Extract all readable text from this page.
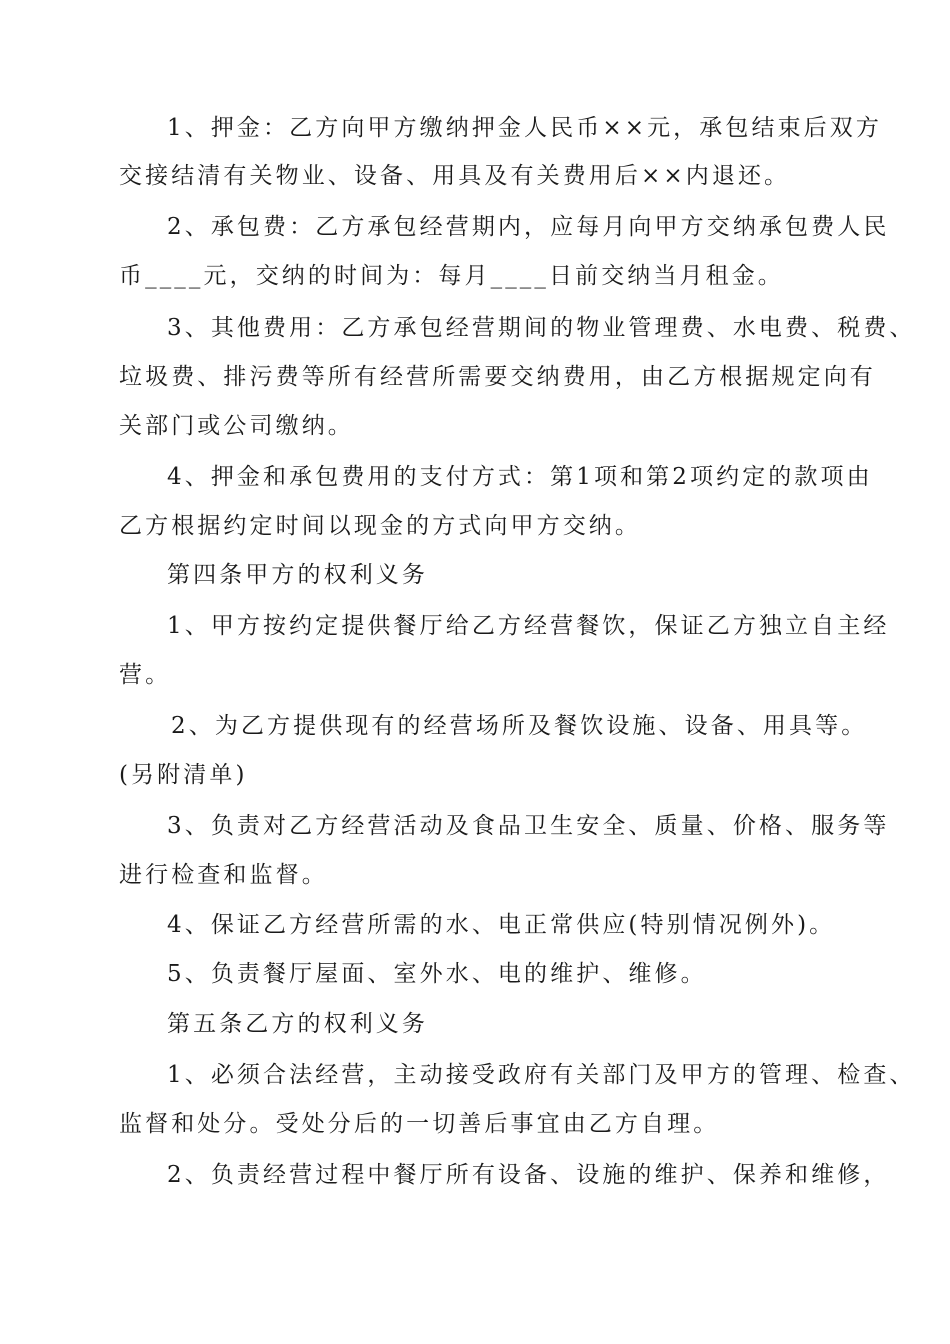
1、押金：乙方向甲方缴纳押金人民币××元，承包结束后双方
交接结清有关物业、设备、用具及有关费用后××内退还。
2、承包费：乙方承包经营期内，应每月向甲方交纳承包费人民
币____元，交纳的时间为：每月____日前交纳当月租金。
3、其他费用：乙方承包经营期间的物业管理费、水电费、税费、
垃圾费、排污费等所有经营所需要交纳费用，由乙方根据规定向有
关部门或公司缴纳。
4、押金和承包费用的支付方式：第1项和第2项约定的款项由
乙方根据约定时间以现金的方式向甲方交纳。
第四条甲方的权利义务
1、甲方按约定提供餐厅给乙方经营餐饮，保证乙方独立自主经
营。
2、为乙方提供现有的经营场所及餐饮设施、设备、用具等。
(另附清单)
3、负责对乙方经营活动及食品卫生安全、质量、价格、服务等
进行检查和监督。
4、保证乙方经营所需的水、电正常供应(特别情况例外)。
5、负责餐厅屋面、室外水、电的维护、维修。
第五条乙方的权利义务
1、必须合法经营，主动接受政府有关部门及甲方的管理、检查、
监督和处分。受处分后的一切善后事宜由乙方自理。
2、负责经营过程中餐厅所有设备、设施的维护、保养和维修，
